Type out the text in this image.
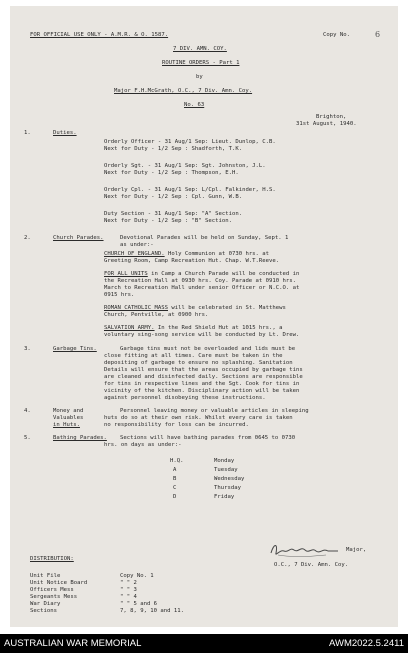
FOR OFFICIAL USE ONLY - A.M.R. & O. 1587.	Copy No.	6
7 DIV. AMN. COY.
ROUTINE ORDERS - Part 1
by
Major F.H.McGrath, O.C., 7 Div. Amn. Coy.
No. 63
Brighton,
31st August, 1940.
1.	Duties.
Orderly Officer - 31 Aug/1 Sep: Lieut. Dunlop, C.B.
Next for Duty - 1/2 Sep : Shadforth, T.K.
Orderly Sgt. - 31 Aug/1 Sep: Sgt. Johnston, J.L.
Next for Duty - 1/2 Sep : Thompson, E.H.
Orderly Cpl. - 31 Aug/1 Sep: L/Cpl. Falkinder, H.S.
Next for Duty - 1/2 Sep : Cpl. Gunn, W.B.
Duty Section - 31 Aug/1 Sep: "A" Section.
Next for Duty - 1/2 Sep : "B" Section.
2.	Church Parades.	Devotional Parades will be held on Sunday, Sept. 1
as under:-
CHURCH OF ENGLAND. Holy Communion at 0730 hrs. at
Greeting Room, Camp Recreation Hut. Chap. W.T.Reeve.
FOR ALL UNITS in Camp a Church Parade will be conducted in
the Recreation Hall at 0930 hrs. Coy. Parade at 0910 hrs.
March to Recreation Hall under senior Officer or N.C.O. at
0915 hrs.
ROMAN CATHOLIC MASS will be celebrated in St. Matthews
Church, Pentville, at 0900 hrs.
SALVATION ARMY. In the Red Shield Hut at 1015 hrs., a
voluntary sing-song service will be conducted by Lt. Drew.
3.	Garbage Tins.	Garbage tins must not be overloaded and lids must be
close fitting at all times. Care must be taken in the
depositing of garbage to ensure no splashing. Sanitation
Details will ensure that the areas occupied by garbage tins
are cleaned and disinfected daily. Sections are responsible
for tins in respective lines and the Sgt. Cook for tins in
vicinity of the kitchen. Disciplinary action will be taken
against personnel disobeying these instructions.
4.	Money and
Valuables
in Huts.
Personnel leaving money or valuable articles in sleeping
huts do so at their own risk. Whilst every care is taken
no responsibility for loss can be incurred.
5.	Bathing Parades. Sections will have bathing parades from 0645 to 0730
hrs. on days as under:-
H.Q.	Monday
A	Tuesday
B	Wednesday
C	Thursday
D	Friday
Major,
O.C., 7 Div. Amn. Coy.
DISTRIBUTION:
Unit File	Copy No. 1
Unit Notice Board	" " 2
Officers Mess	" " 3
Sergeants Mess	" " 4
War Diary	" " 5 and 6
Sections	7, 8, 9, 10 and 11.
AUSTRALIAN WAR MEMORIAL	AWM2022.5.2411
